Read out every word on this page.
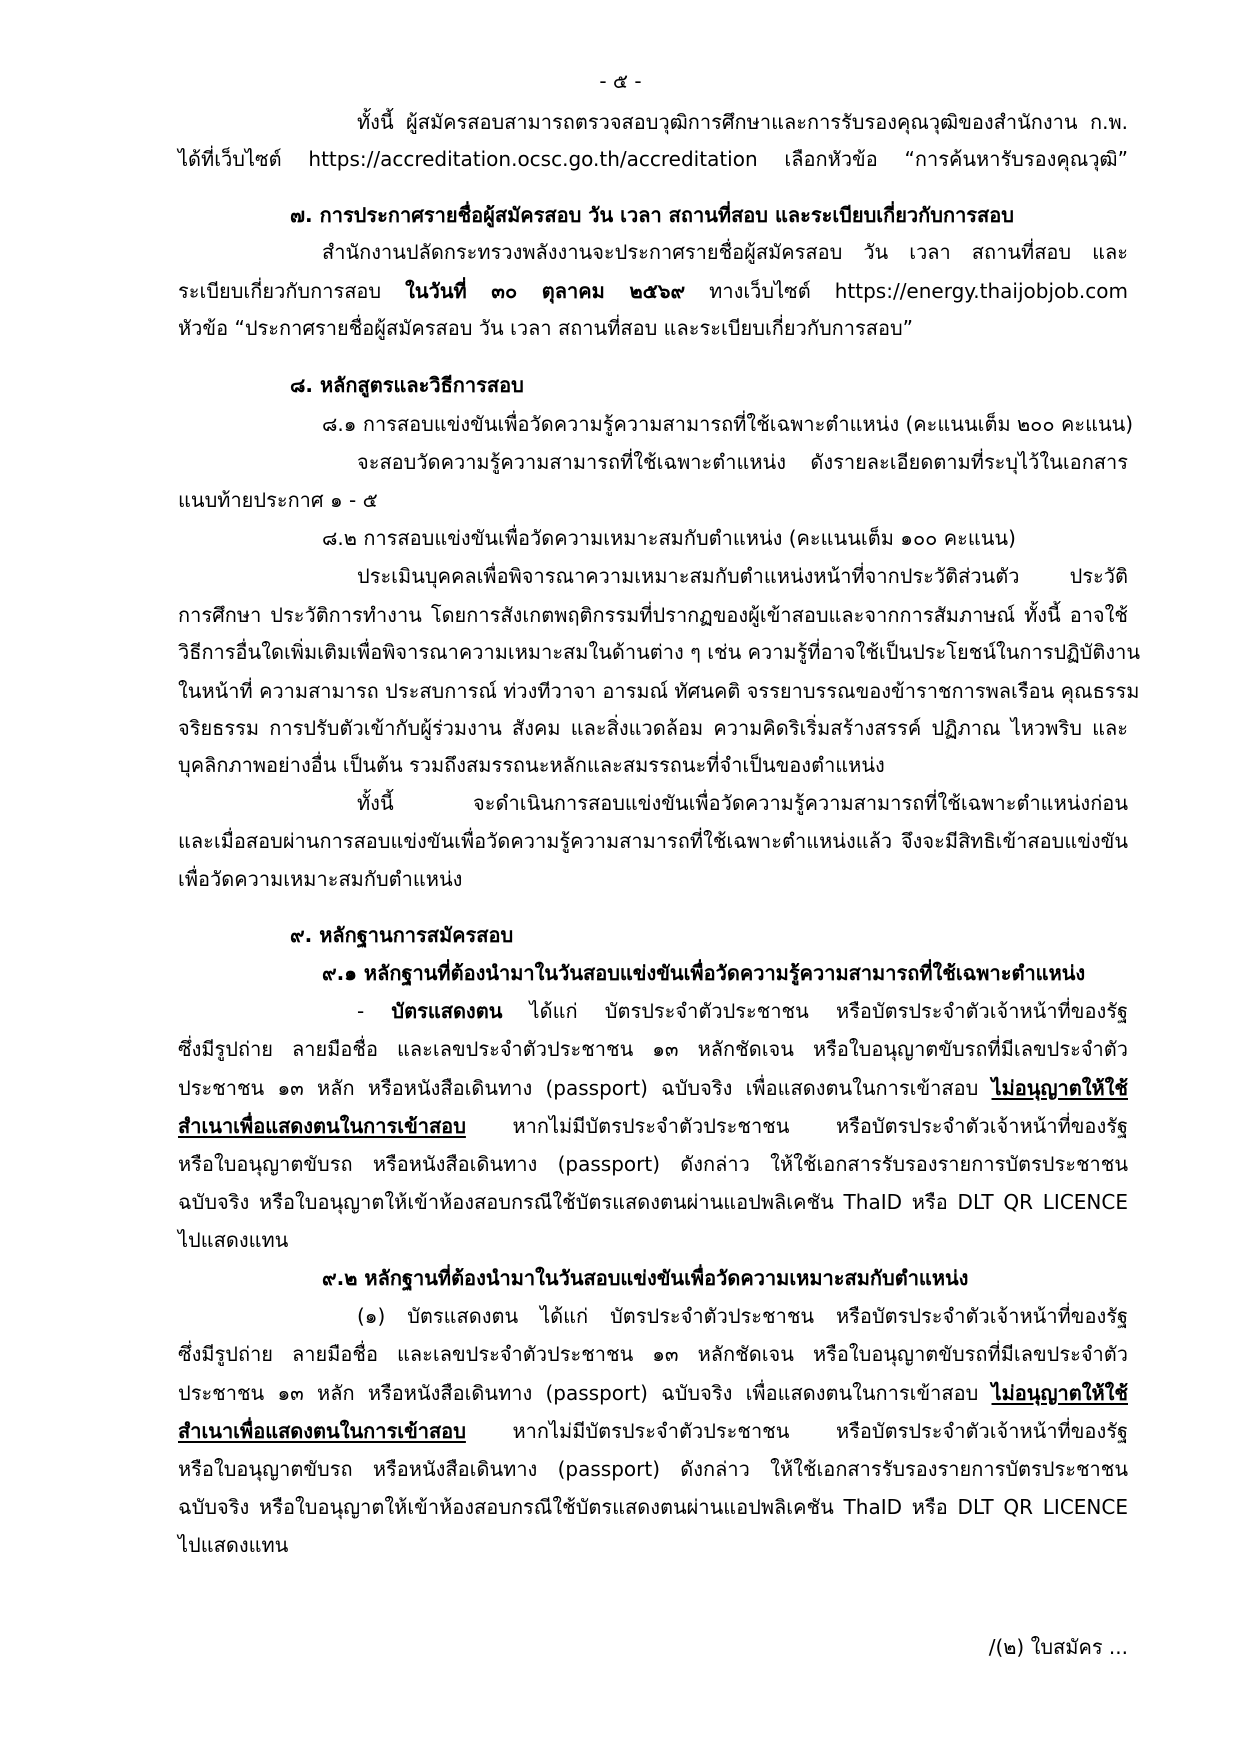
- ๕ -
ทั้งนี้ ผู้สมัครสอบสามารถตรวจสอบวุฒิการศึกษาและการรับรองคุณวุฒิของสำนักงาน ก.พ.
ได้ที่เว็บไซต์ https://accreditation.ocsc.go.th/accreditation เลือกหัวข้อ “การค้นหารับรองคุณวุฒิ”
๗. การประกาศรายชื่อผู้สมัครสอบ วัน เวลา สถานที่สอบ และระเบียบเกี่ยวกับการสอบ
สำนักงานปลัดกระทรวงพลังงานจะประกาศรายชื่อผู้สมัครสอบ วัน เวลา สถานที่สอบ และ
ระเบียบเกี่ยวกับการสอบ ในวันที่ ๓๐ ตุลาคม ๒๕๖๙ ทางเว็บไซต์ https://energy.thaijobjob.com
หัวข้อ “ประกาศรายชื่อผู้สมัครสอบ วัน เวลา สถานที่สอบ และระเบียบเกี่ยวกับการสอบ”
๘. หลักสูตรและวิธีการสอบ
๘.๑ การสอบแข่งขันเพื่อวัดความรู้ความสามารถที่ใช้เฉพาะตำแหน่ง (คะแนนเต็ม ๒๐๐ คะแนน)
จะสอบวัดความรู้ความสามารถที่ใช้เฉพาะตำแหน่ง ดังรายละเอียดตามที่ระบุไว้ในเอกสาร
แนบท้ายประกาศ ๑ - ๕
๘.๒ การสอบแข่งขันเพื่อวัดความเหมาะสมกับตำแหน่ง (คะแนนเต็ม ๑๐๐ คะแนน)
ประเมินบุคคลเพื่อพิจารณาความเหมาะสมกับตำแหน่งหน้าที่จากประวัติส่วนตัว ประวัติ
การศึกษา ประวัติการทำงาน โดยการสังเกตพฤติกรรมที่ปรากฏของผู้เข้าสอบและจากการสัมภาษณ์ ทั้งนี้ อาจใช้
วิธีการอื่นใดเพิ่มเติมเพื่อพิจารณาความเหมาะสมในด้านต่าง ๆ เช่น ความรู้ที่อาจใช้เป็นประโยชน์ในการปฏิบัติงาน
ในหน้าที่ ความสามารถ ประสบการณ์ ท่วงทีวาจา อารมณ์ ทัศนคติ จรรยาบรรณของข้าราชการพลเรือน คุณธรรม
จริยธรรม การปรับตัวเข้ากับผู้ร่วมงาน สังคม และสิ่งแวดล้อม ความคิดริเริ่มสร้างสรรค์ ปฏิภาณ ไหวพริบ และ
บุคลิกภาพอย่างอื่น เป็นต้น รวมถึงสมรรถนะหลักและสมรรถนะที่จำเป็นของตำแหน่ง
ทั้งนี้ จะดำเนินการสอบแข่งขันเพื่อวัดความรู้ความสามารถที่ใช้เฉพาะตำแหน่งก่อน
และเมื่อสอบผ่านการสอบแข่งขันเพื่อวัดความรู้ความสามารถที่ใช้เฉพาะตำแหน่งแล้ว จึงจะมีสิทธิเข้าสอบแข่งขัน
เพื่อวัดความเหมาะสมกับตำแหน่ง
๙. หลักฐานการสมัครสอบ
๙.๑ หลักฐานที่ต้องนำมาในวันสอบแข่งขันเพื่อวัดความรู้ความสามารถที่ใช้เฉพาะตำแหน่ง
- บัตรแสดงตน ได้แก่ บัตรประจำตัวประชาชน หรือบัตรประจำตัวเจ้าหน้าที่ของรัฐ
ซึ่งมีรูปถ่าย ลายมือชื่อ และเลขประจำตัวประชาชน ๑๓ หลักชัดเจน หรือใบอนุญาตขับรถที่มีเลขประจำตัว
ประชาชน ๑๓ หลัก หรือหนังสือเดินทาง (passport) ฉบับจริง เพื่อแสดงตนในการเข้าสอบ ไม่อนุญาตให้ใช้
สำเนาเพื่อแสดงตนในการเข้าสอบ หากไม่มีบัตรประจำตัวประชาชน หรือบัตรประจำตัวเจ้าหน้าที่ของรัฐ
หรือใบอนุญาตขับรถ หรือหนังสือเดินทาง (passport) ดังกล่าว ให้ใช้เอกสารรับรองรายการบัตรประชาชน
ฉบับจริง หรือใบอนุญาตให้เข้าห้องสอบกรณีใช้บัตรแสดงตนผ่านแอปพลิเคชัน ThaID หรือ DLT QR LICENCE
ไปแสดงแทน
๙.๒ หลักฐานที่ต้องนำมาในวันสอบแข่งขันเพื่อวัดความเหมาะสมกับตำแหน่ง
(๑) บัตรแสดงตน ได้แก่ บัตรประจำตัวประชาชน หรือบัตรประจำตัวเจ้าหน้าที่ของรัฐ
ซึ่งมีรูปถ่าย ลายมือชื่อ และเลขประจำตัวประชาชน ๑๓ หลักชัดเจน หรือใบอนุญาตขับรถที่มีเลขประจำตัว
ประชาชน ๑๓ หลัก หรือหนังสือเดินทาง (passport) ฉบับจริง เพื่อแสดงตนในการเข้าสอบ ไม่อนุญาตให้ใช้
สำเนาเพื่อแสดงตนในการเข้าสอบ หากไม่มีบัตรประจำตัวประชาชน หรือบัตรประจำตัวเจ้าหน้าที่ของรัฐ
หรือใบอนุญาตขับรถ หรือหนังสือเดินทาง (passport) ดังกล่าว ให้ใช้เอกสารรับรองรายการบัตรประชาชน
ฉบับจริง หรือใบอนุญาตให้เข้าห้องสอบกรณีใช้บัตรแสดงตนผ่านแอปพลิเคชัน ThaID หรือ DLT QR LICENCE
ไปแสดงแทน
/(๒) ใบสมัคร ...
